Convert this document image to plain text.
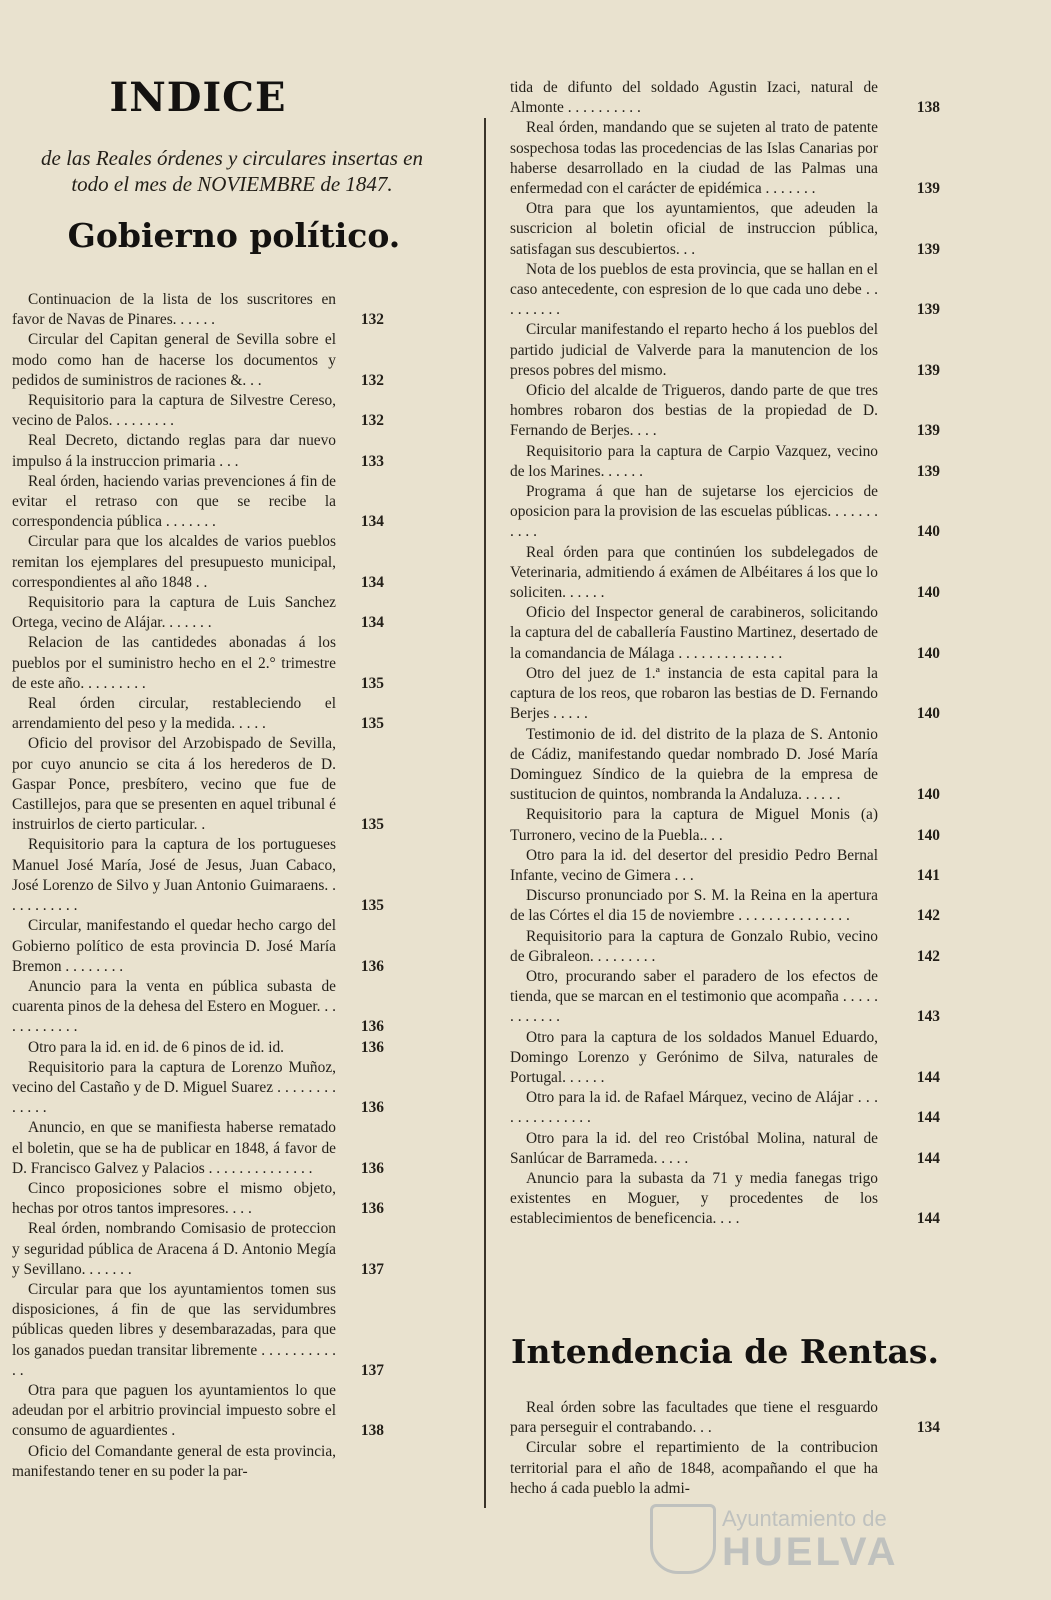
INDICE

de las Reales órdenes y circulares insertas en
todo el mes de NOVIEMBRE de 1847.

Gobierno político.

Continuacion de la lista de los suscritores en favor de Navas de Pinares. . . . . .	132

Circular del Capitan general de Sevilla sobre el modo como han de hacerse los documentos y pedidos de suministros de raciones &. . .	132

Requisitorio para la captura de Silvestre Cereso, vecino de Palos. . . . . . . . .	132

Real Decreto, dictando reglas para dar nuevo impulso á la instruccion primaria . . .	133

Real órden, haciendo varias prevenciones á fin de evitar el retraso con que se recibe la correspondencia pública . . . . . . .	134

Circular para que los alcaldes de varios pueblos remitan los ejemplares del presupuesto municipal, correspondientes al año 1848 . .	134

Requisitorio para la captura de Luis Sanchez Ortega, vecino de Alájar. . . . . . .	134

Relacion de las cantidedes abonadas á los pueblos por el suministro hecho en el 2.° trimestre de este año. . . . . . . . .	135

Real órden circular, restableciendo el arrendamiento del peso y la medida. . . . .	135

Oficio del provisor del Arzobispado de Sevilla, por cuyo anuncio se cita á los herederos de D. Gaspar Ponce, presbítero, vecino que fue de Castillejos, para que se presenten en aquel tribunal é instruirlos de cierto particular. .	135

Requisitorio para la captura de los portugueses Manuel José María, José de Jesus, Juan Cabaco, José Lorenzo de Silvo y Juan Antonio Guimaraens. . . . . . . . . . .	135

Circular, manifestando el quedar hecho cargo del Gobierno político de esta provincia D. José María Bremon . . . . . . . .	136

Anuncio para la venta en pública subasta de cuarenta pinos de la dehesa del Estero en Moguer. . . . . . . . . . . .	136

Otro para la id. en id. de 6 pinos de id. id.	136

Requisitorio para la captura de Lorenzo Muñoz, vecino del Castaño y de D. Miguel Suarez . . . . . . . . . . . . .	136

Anuncio, en que se manifiesta haberse rematado el boletin, que se ha de publicar en 1848, á favor de D. Francisco Galvez y Palacios . . . . . . . . . . . . . .	136

Cinco proposiciones sobre el mismo objeto, hechas por otros tantos impresores. . . .	136

Real órden, nombrando Comisasio de proteccion y seguridad pública de Aracena á D. Antonio Megía y Sevillano. . . . . . .	137

Circular para que los ayuntamientos tomen sus disposiciones, á fin de que las servidumbres públicas queden libres y desembarazadas, para que los ganados puedan transitar libremente . . . . . . . . . . . .	137

Otra para que paguen los ayuntamientos lo que adeudan por el arbitrio provincial impuesto sobre el consumo de aguardientes .	138

Oficio del Comandante general de esta provincia, manifestando tener en su poder la par-

tida de difunto del soldado Agustin Izaci, natural de Almonte . . . . . . . . . .	138

Real órden, mandando que se sujeten al trato de patente sospechosa todas las procedencias de las Islas Canarias por haberse desarrollado en la ciudad de las Palmas una enfermedad con el carácter de epidémica . . . . . . .	139

Otra para que los ayuntamientos, que adeuden la suscricion al boletin oficial de instruccion pública, satisfagan sus descubiertos. . .	139

Nota de los pueblos de esta provincia, que se hallan en el caso antecedente, con espresion de lo que cada uno debe . . . . . . . . .	139

Circular manifestando el reparto hecho á los pueblos del partido judicial de Valverde para la manutencion de los presos pobres del mismo.	139

Oficio del alcalde de Trigueros, dando parte de que tres hombres robaron dos bestias de la propiedad de D. Fernando de Berjes. . . .	139

Requisitorio para la captura de Carpio Vazquez, vecino de los Marines. . . . . .	139

Programa á que han de sujetarse los ejercicios de oposicion para la provision de las escuelas públicas. . . . . . . . . . .	140

Real órden para que continúen los subdelegados de Veterinaria, admitiendo á exámen de Albéitares á los que lo soliciten. . . . . .	140

Oficio del Inspector general de carabineros, solicitando la captura del de caballería Faustino Martinez, desertado de la comandancia de Málaga . . . . . . . . . . . . . .	140

Otro del juez de 1.ª instancia de esta capital para la captura de los reos, que robaron las bestias de D. Fernando Berjes . . . . .	140

Testimonio de id. del distrito de la plaza de S. Antonio de Cádiz, manifestando quedar nombrado D. José María Dominguez Síndico de la quiebra de la empresa de sustitucion de quintos, nombranda la Andaluza. . . . . .	140

Requisitorio para la captura de Miguel Monis (a) Turronero, vecino de la Puebla.. . .	140

Otro para la id. del desertor del presidio Pedro Bernal Infante, vecino de Gimera . . .	141

Discurso pronunciado por S. M. la Reina en la apertura de las Córtes el dia 15 de noviembre . . . . . . . . . . . . . . .	142

Requisitorio para la captura de Gonzalo Rubio, vecino de Gibraleon. . . . . . . . .	142

Otro, procurando saber el paradero de los efectos de tienda, que se marcan en el testimonio que acompaña . . . . . . . . . . . .	143

Otro para la captura de los soldados Manuel Eduardo, Domingo Lorenzo y Gerónimo de Silva, naturales de Portugal. . . . . .	144

Otro para la id. de Rafael Márquez, vecino de Alájar . . . . . . . . . . . . . .	144

Otro para la id. del reo Cristóbal Molina, natural de Sanlúcar de Barrameda. . . . .	144

Anuncio para la subasta da 71 y media fanegas trigo existentes en Moguer, y procedentes de los establecimientos de beneficencia. . . .	144

Intendencia de Rentas.

Real órden sobre las facultades que tiene el resguardo para perseguir el contrabando. . .	134

Circular sobre el repartimiento de la contribucion territorial para el año de 1848, acompañando el que ha hecho á cada pueblo la admi-

Ayuntamiento de
HUELVA
